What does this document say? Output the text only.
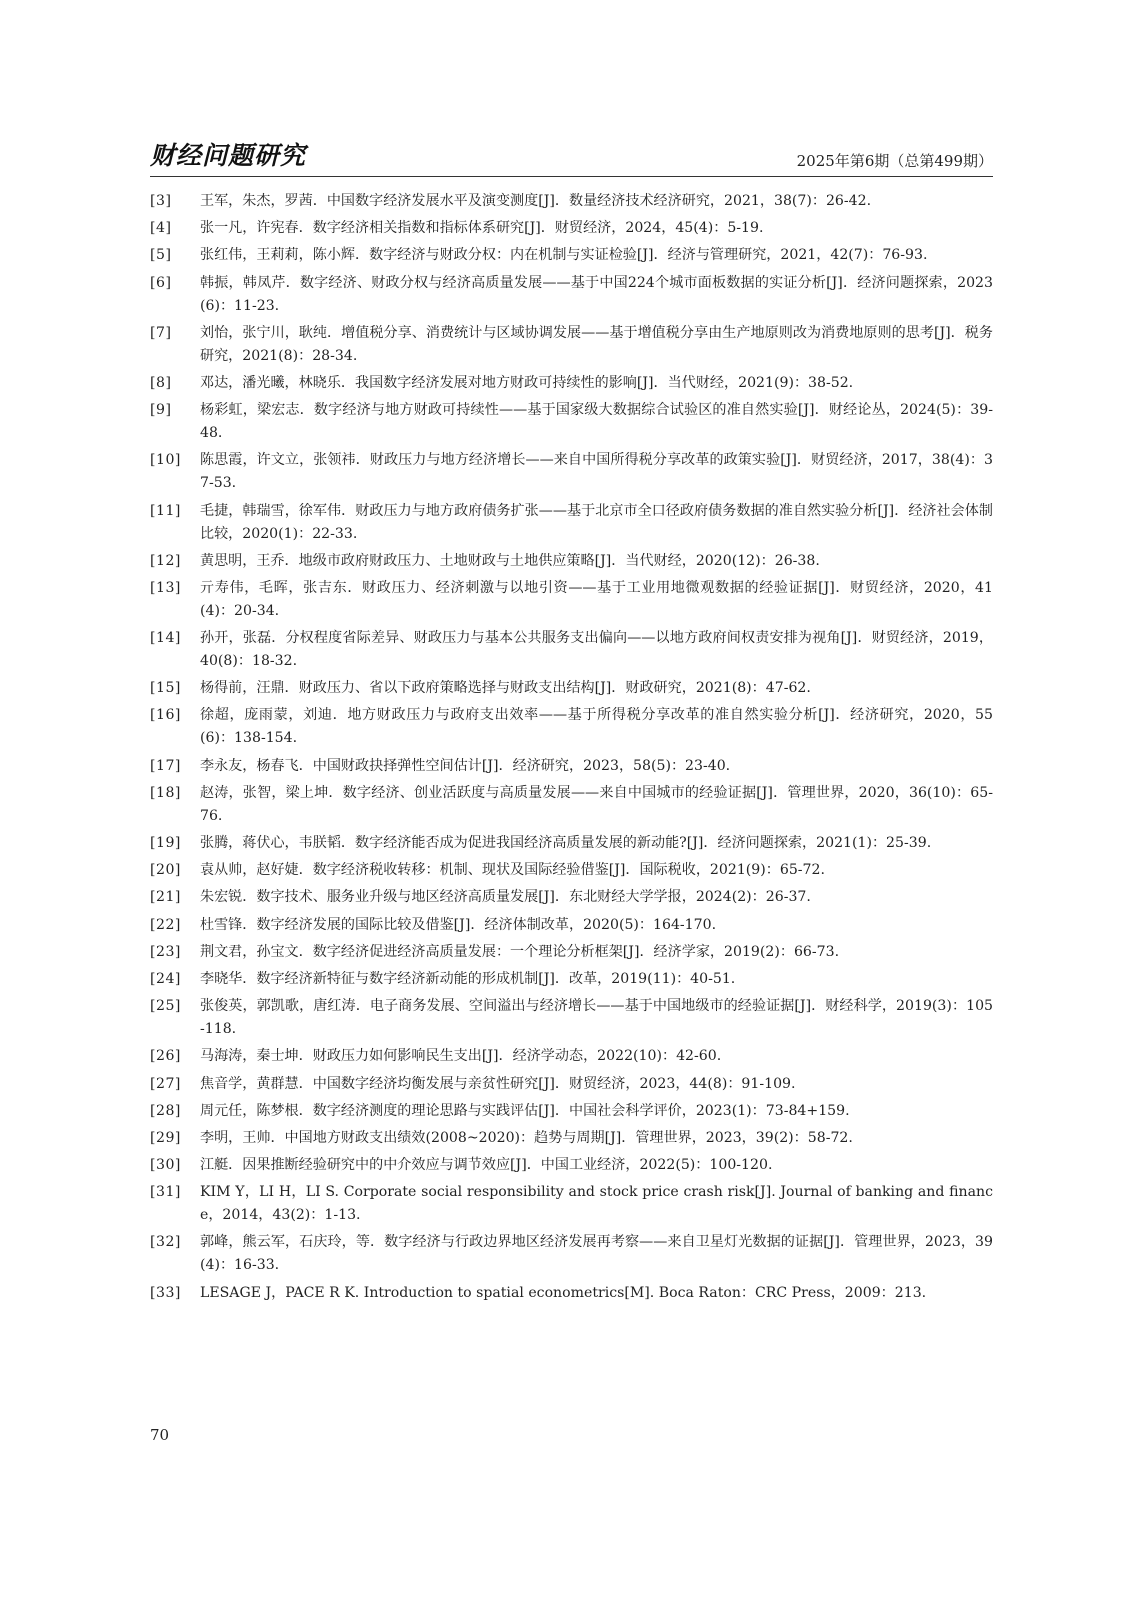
财经问题研究	2025年第6期（总第499期）
[3]	王军，朱杰，罗茜．中国数字经济发展水平及演变测度[J]．数量经济技术经济研究，2021，38(7)：26-42.
[4]	张一凡，许宪春．数字经济相关指数和指标体系研究[J]．财贸经济，2024，45(4)：5-19.
[5]	张红伟，王莉莉，陈小辉．数字经济与财政分权：内在机制与实证检验[J]．经济与管理研究，2021，42(7)：76-93.
[6]	韩振，韩凤芹．数字经济、财政分权与经济高质量发展——基于中国224个城市面板数据的实证分析[J]．经济问题探索，2023(6)：11-23.
[7]	刘怡，张宁川，耿纯．增值税分享、消费统计与区域协调发展——基于增值税分享由生产地原则改为消费地原则的思考[J]．税务研究，2021(8)：28-34.
[8]	邓达，潘光曦，林晓乐．我国数字经济发展对地方财政可持续性的影响[J]．当代财经，2021(9)：38-52.
[9]	杨彩虹，梁宏志．数字经济与地方财政可持续性——基于国家级大数据综合试验区的准自然实验[J]．财经论丛，2024(5)：39-48.
[10]	陈思霞，许文立，张领祎．财政压力与地方经济增长——来自中国所得税分享改革的政策实验[J]．财贸经济，2017，38(4)：37-53.
[11]	毛捷，韩瑞雪，徐军伟．财政压力与地方政府债务扩张——基于北京市全口径政府债务数据的准自然实验分析[J]．经济社会体制比较，2020(1)：22-33.
[12]	黄思明，王乔．地级市政府财政压力、土地财政与土地供应策略[J]．当代财经，2020(12)：26-38.
[13]	亓寿伟，毛晖，张吉东．财政压力、经济刺激与以地引资——基于工业用地微观数据的经验证据[J]．财贸经济，2020，41(4)：20-34.
[14]	孙开，张磊．分权程度省际差异、财政压力与基本公共服务支出偏向——以地方政府间权责安排为视角[J]．财贸经济，2019，40(8)：18-32.
[15]	杨得前，汪鼎．财政压力、省以下政府策略选择与财政支出结构[J]．财政研究，2021(8)：47-62.
[16]	徐超，庞雨蒙，刘迪．地方财政压力与政府支出效率——基于所得税分享改革的准自然实验分析[J]．经济研究，2020，55(6)：138-154.
[17]	李永友，杨春飞．中国财政抉择弹性空间估计[J]．经济研究，2023，58(5)：23-40.
[18]	赵涛，张智，梁上坤．数字经济、创业活跃度与高质量发展——来自中国城市的经验证据[J]．管理世界，2020，36(10)：65-76.
[19]	张腾，蒋伏心，韦朕韬．数字经济能否成为促进我国经济高质量发展的新动能?[J]．经济问题探索，2021(1)：25-39.
[20]	袁从帅，赵好婕．数字经济税收转移：机制、现状及国际经验借鉴[J]．国际税收，2021(9)：65-72.
[21]	朱宏锐．数字技术、服务业升级与地区经济高质量发展[J]．东北财经大学学报，2024(2)：26-37.
[22]	杜雪锋．数字经济发展的国际比较及借鉴[J]．经济体制改革，2020(5)：164-170.
[23]	荆文君，孙宝文．数字经济促进经济高质量发展：一个理论分析框架[J]．经济学家，2019(2)：66-73.
[24]	李晓华．数字经济新特征与数字经济新动能的形成机制[J]．改革，2019(11)：40-51.
[25]	张俊英，郭凯歌，唐红涛．电子商务发展、空间溢出与经济增长——基于中国地级市的经验证据[J]．财经科学，2019(3)：105-118.
[26]	马海涛，秦士坤．财政压力如何影响民生支出[J]．经济学动态，2022(10)：42-60.
[27]	焦音学，黄群慧．中国数字经济均衡发展与亲贫性研究[J]．财贸经济，2023，44(8)：91-109.
[28]	周元任，陈梦根．数字经济测度的理论思路与实践评估[J]．中国社会科学评价，2023(1)：73-84+159.
[29]	李明，王帅．中国地方财政支出绩效(2008~2020)：趋势与周期[J]．管理世界，2023，39(2)：58-72.
[30]	江艇．因果推断经验研究中的中介效应与调节效应[J]．中国工业经济，2022(5)：100-120.
[31]	KIM Y，LI H，LI S. Corporate social responsibility and stock price crash risk[J]. Journal of banking and finance，2014，43(2)：1-13.
[32]	郭峰，熊云军，石庆玲，等．数字经济与行政边界地区经济发展再考察——来自卫星灯光数据的证据[J]．管理世界，2023，39(4)：16-33.
[33]	LESAGE J，PACE R K. Introduction to spatial econometrics[M]. Boca Raton：CRC Press，2009：213.
70
